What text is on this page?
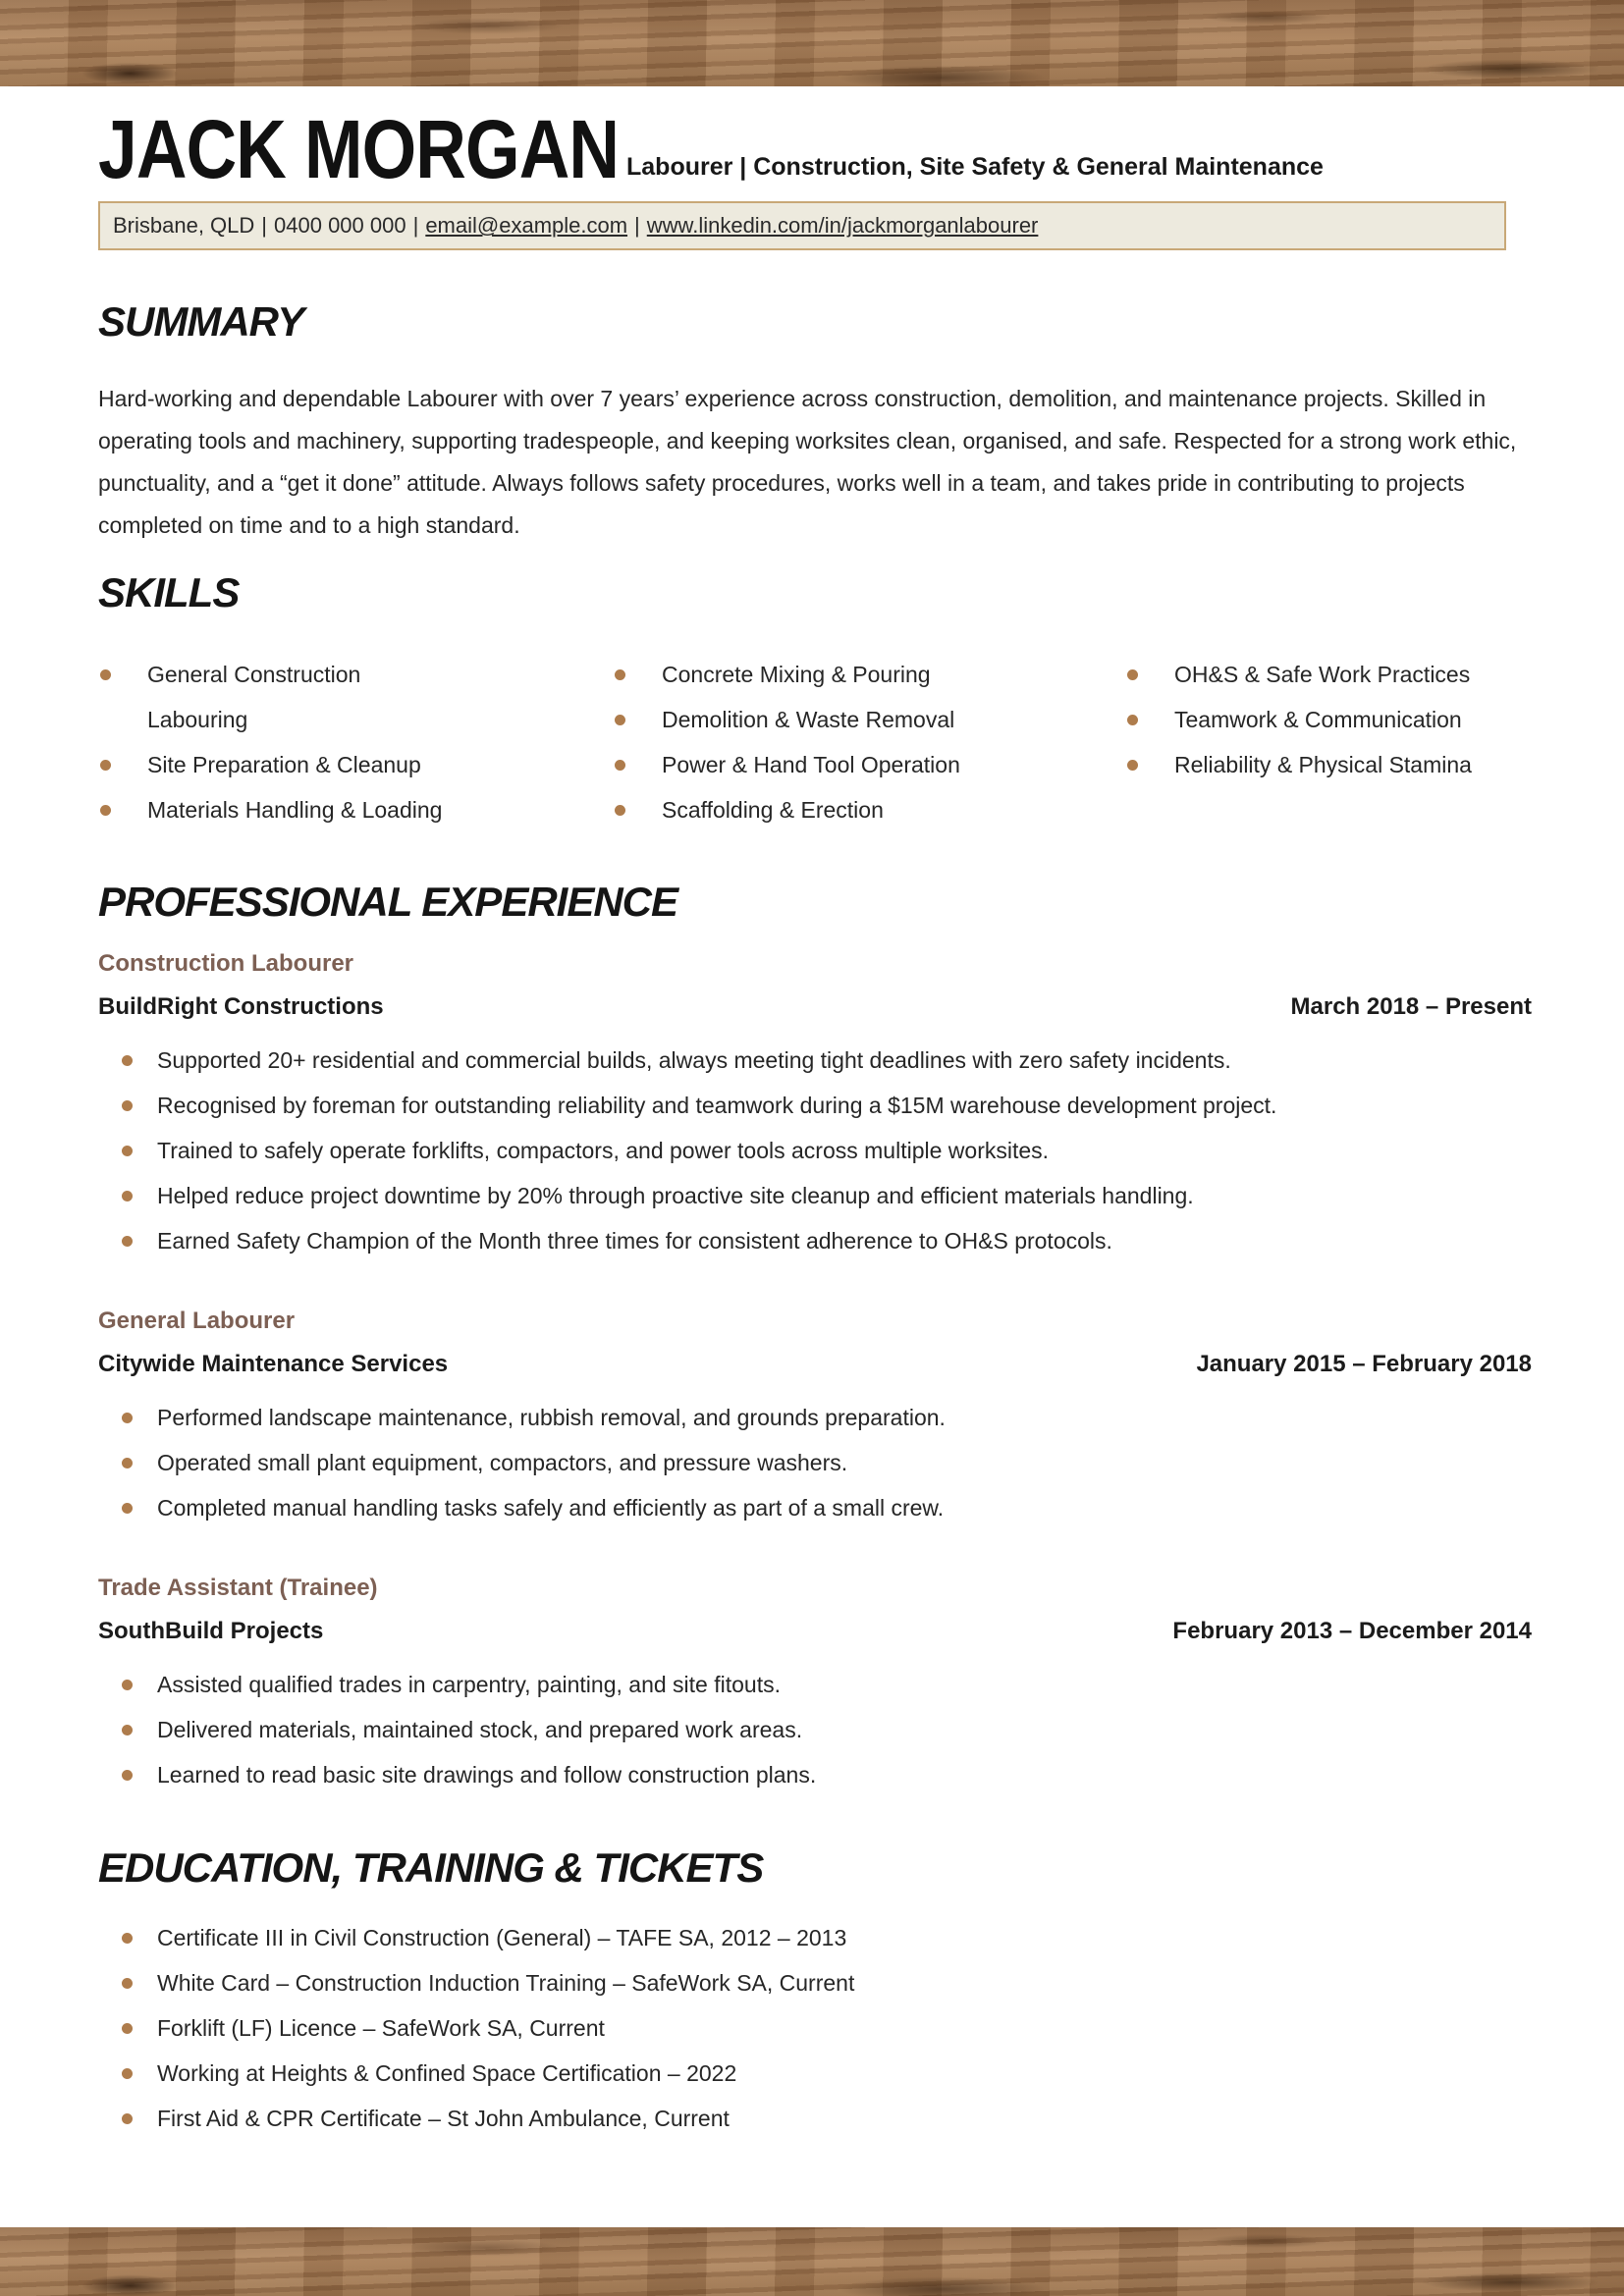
JACK MORGAN Labourer | Construction, Site Safety & General Maintenance
Brisbane, QLD | 0400 000 000 | email@example.com | www.linkedin.com/in/jackmorganlabourer
SUMMARY

Hard-working and dependable Labourer with over 7 years’ experience across construction, demolition, and maintenance projects. Skilled in operating tools and machinery, supporting tradespeople, and keeping worksites clean, organised, and safe. Respected for a strong work ethic, punctuality, and a “get it done” attitude. Always follows safety procedures, works well in a team, and takes pride in contributing to projects completed on time and to a high standard.

SKILLS
General Construction Labouring
Site Preparation & Cleanup
Materials Handling & Loading
Concrete Mixing & Pouring
Demolition & Waste Removal
Power & Hand Tool Operation
Scaffolding & Erection
OH&S & Safe Work Practices
Teamwork & Communication
Reliability & Physical Stamina
PROFESSIONAL EXPERIENCE
Construction Labourer
BuildRight Constructions	March 2018 – Present
Supported 20+ residential and commercial builds, always meeting tight deadlines with zero safety incidents.
Recognised by foreman for outstanding reliability and teamwork during a $15M warehouse development project.
Trained to safely operate forklifts, compactors, and power tools across multiple worksites.
Helped reduce project downtime by 20% through proactive site cleanup and efficient materials handling.
Earned Safety Champion of the Month three times for consistent adherence to OH&S protocols.
General Labourer
Citywide Maintenance Services	January 2015 – February 2018
Performed landscape maintenance, rubbish removal, and grounds preparation.
Operated small plant equipment, compactors, and pressure washers.
Completed manual handling tasks safely and efficiently as part of a small crew.
Trade Assistant (Trainee)
SouthBuild Projects	February 2013 – December 2014
Assisted qualified trades in carpentry, painting, and site fitouts.
Delivered materials, maintained stock, and prepared work areas.
Learned to read basic site drawings and follow construction plans.
EDUCATION, TRAINING & TICKETS
Certificate III in Civil Construction (General) – TAFE SA, 2012 – 2013
White Card – Construction Induction Training – SafeWork SA, Current
Forklift (LF) Licence – SafeWork SA, Current
Working at Heights & Confined Space Certification – 2022
First Aid & CPR Certificate – St John Ambulance, Current
